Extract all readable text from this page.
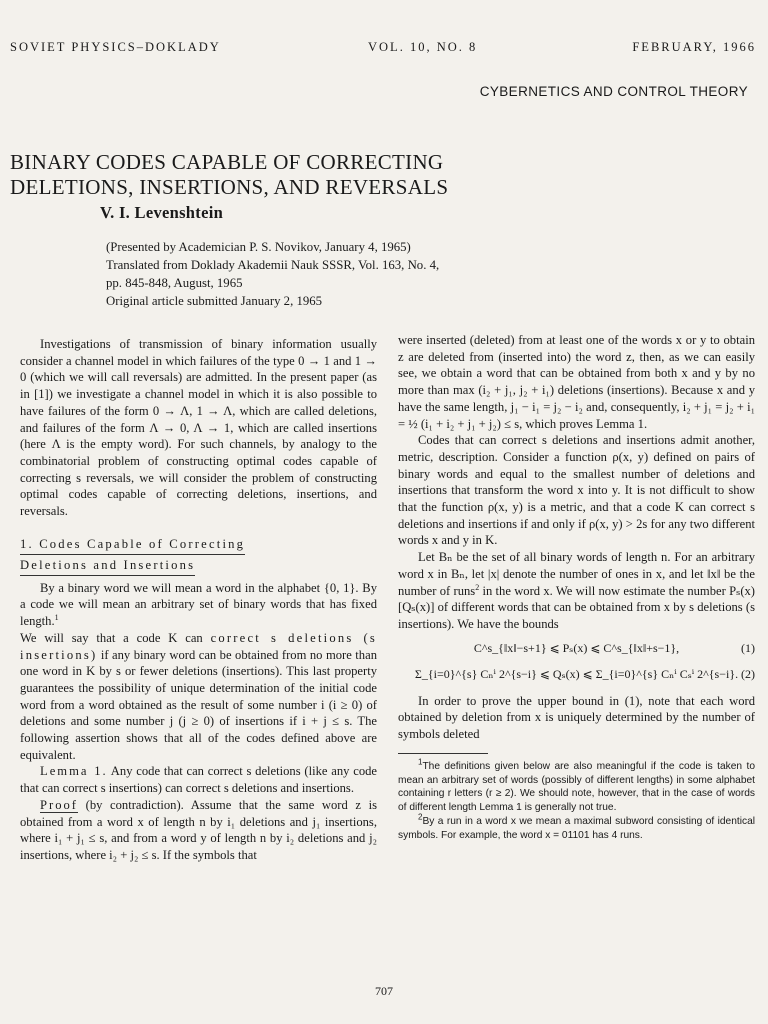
SOVIET PHYSICS–DOKLADY	VOL. 10, NO. 8	FEBRUARY, 1966
CYBERNETICS AND CONTROL THEORY
BINARY CODES CAPABLE OF CORRECTING
DELETIONS, INSERTIONS, AND REVERSALS
V. I. Levenshtein
(Presented by Academician P. S. Novikov, January 4, 1965)
Translated from Doklady Akademii Nauk SSSR, Vol. 163, No. 4,
pp. 845-848, August, 1965
Original article submitted January 2, 1965

Investigations of transmission of binary information usually consider a channel model in which failures of the type 0 → 1 and 1 → 0 (which we will call reversals) are admitted. In the present paper (as in [1]) we investigate a channel model in which it is also possible to have failures of the form 0 → Λ, 1 → Λ, which are called deletions, and failures of the form Λ → 0, Λ → 1, which are called insertions (here Λ is the empty word). For such channels, by analogy to the combinatorial problem of constructing optimal codes capable of correcting s reversals, we will consider the problem of constructing optimal codes capable of correcting deletions, insertions, and reversals.

1. Codes Capable of Correcting
Deletions and Insertions

By a binary word we will mean a word in the alphabet {0, 1}. By a code we will mean an arbitrary set of binary words that has fixed length.$^1$

We will say that a code K can correct s deletions (s insertions) if any binary word can be obtained from no more than one word in K by s or fewer deletions (insertions). This last property guarantees the possibility of unique determination of the initial code word from a word obtained as the result of some number i (i ≥ 0) of deletions and some number j (j ≥ 0) of insertions if i + j ≤ s. The following assertion shows that all of the codes defined above are equivalent.

Lemma 1. Any code that can correct s deletions (like any code that can correct s insertions) can correct s deletions and insertions.

Proof (by contradiction). Assume that the same word z is obtained from a word x of length n by i₁ deletions and j₁ insertions, where i₁ + j₁ ≤ s, and from a word y of length n by i₂ deletions and j₂ insertions, where i₂ + j₂ ≤ s. If the symbols that

were inserted (deleted) from at least one of the words x or y to obtain z are deleted from (inserted into) the word z, then, as we can easily see, we obtain a word that can be obtained from both x and y by no more than max (i₂ + j₁, j₂ + i₁) deletions (insertions). Because x and y have the same length, j₁ − i₁ = j₂ − i₂ and, consequently, i₂ + j₁ = j₂ + i₁ = ½ (i₁ + i₂ + j₁ + j₂) ≤ s, which proves Lemma 1.

Codes that can correct s deletions and insertions admit another, metric, description. Consider a function ρ(x, y) defined on pairs of binary words and equal to the smallest number of deletions and insertions that transform the word x into y. It is not difficult to show that the function ρ(x, y) is a metric, and that a code K can correct s deletions and insertions if and only if ρ(x, y) > 2s for any two different words x and y in K.

Let Bₙ be the set of all binary words of length n. For an arbitrary word x in Bₙ, let |x| denote the number of ones in x, and let ‖x‖ be the number of runs$^2$ in the word x. We will now estimate the number Pₛ(x) [Qₛ(x)] of different words that can be obtained from x by s deletions (s insertions). We have the bounds

C^s_{‖x‖−s+1} ⩽ Pₛ(x) ⩽ C^s_{‖x‖+s−1},	(1)
Σ_{i=0}^{s} Cₙⁱ 2^{s−i} ⩽ Qₛ(x) ⩽ Σ_{i=0}^{s} Cₙⁱ Cₛⁱ 2^{s−i}. (2)

In order to prove the upper bound in (1), note that each word obtained by deletion from x is uniquely determined by the number of symbols deleted

$^1$The definitions given below are also meaningful if the code is taken to mean an arbitrary set of words (possibly of different lengths) in some alphabet containing r letters (r ≥ 2). We should note, however, that in the case of words of different length Lemma 1 is generally not true.

$^2$By a run in a word x we mean a maximal subword consisting of identical symbols. For example, the word x = 01101 has 4 runs.

707
